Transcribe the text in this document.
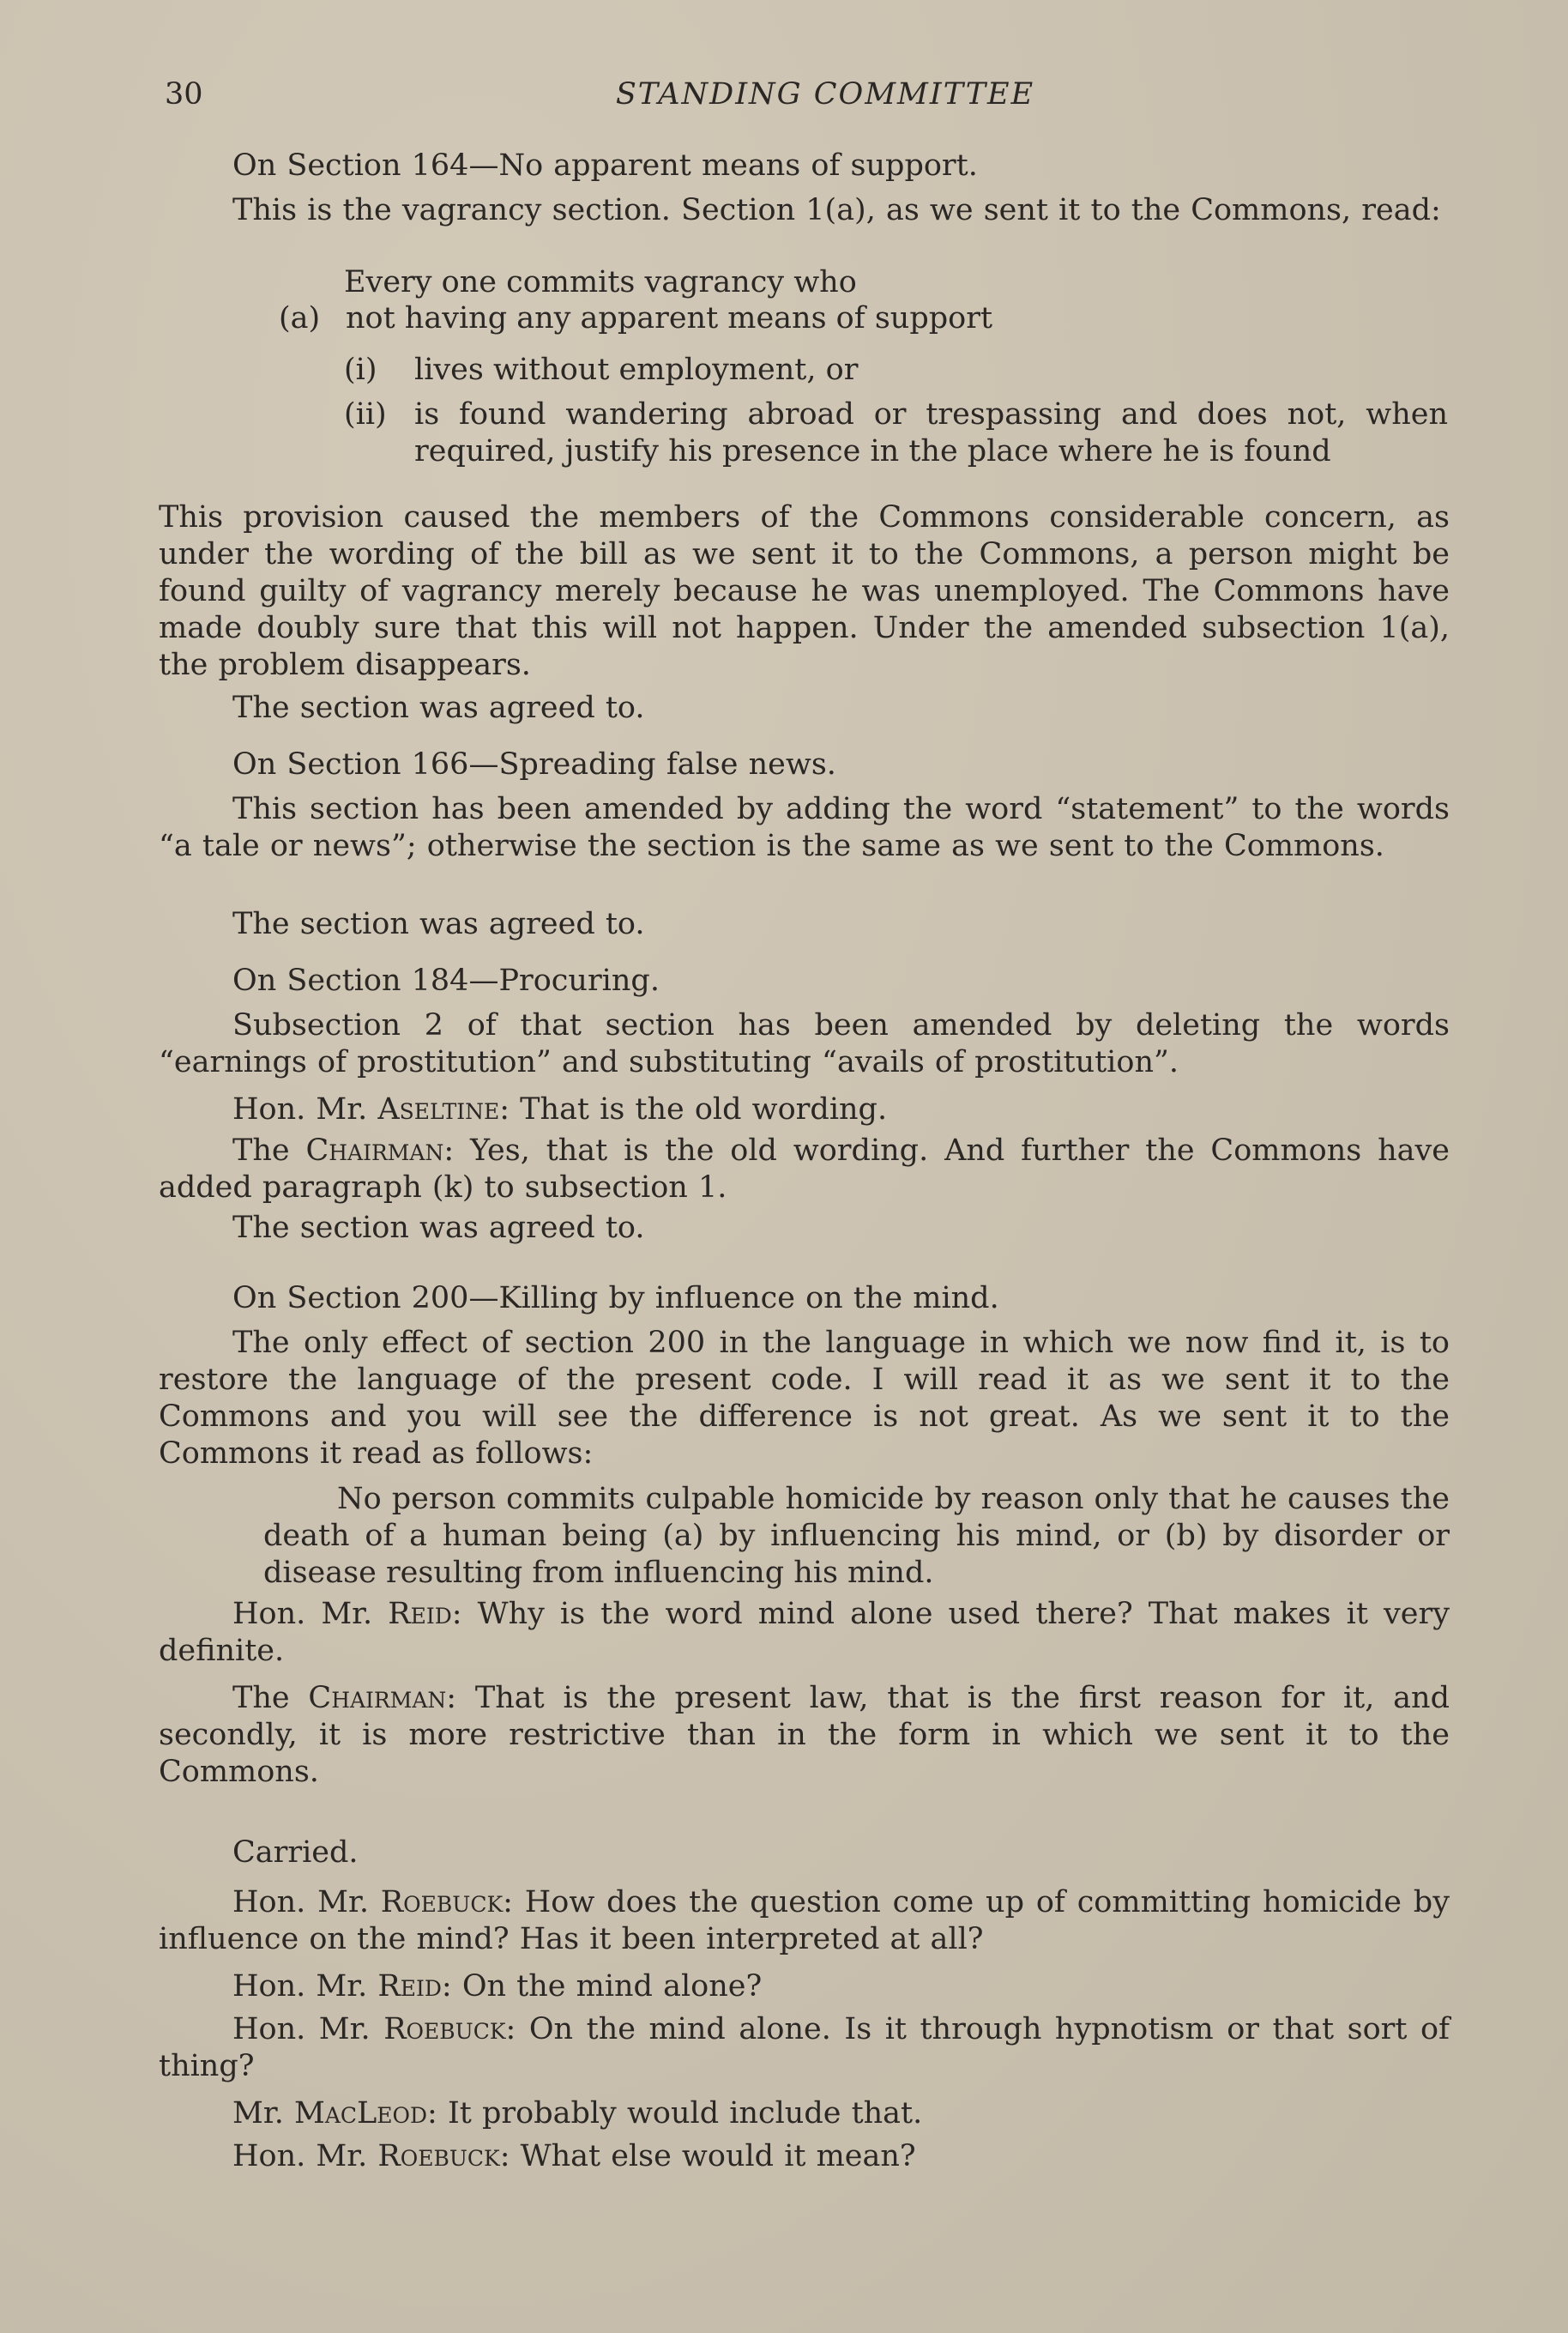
30	STANDING COMMITTEE
On Section 164—No apparent means of support.
This is the vagrancy section. Section 1(a), as we sent it to the Commons, read:
Every one commits vagrancy who
(a) not having any apparent means of support
(i) lives without employment, or
(ii) is found wandering abroad or trespassing and does not, when required, justify his presence in the place where he is found
This provision caused the members of the Commons considerable concern, as under the wording of the bill as we sent it to the Commons, a person might be found guilty of vagrancy merely because he was unemployed. The Commons have made doubly sure that this will not happen. Under the amended subsection 1(a), the problem disappears.
The section was agreed to.
On Section 166—Spreading false news.
This section has been amended by adding the word “statement” to the words “a tale or news”; otherwise the section is the same as we sent to the Commons.
The section was agreed to.
On Section 184—Procuring.
Subsection 2 of that section has been amended by deleting the words “earnings of prostitution” and substituting “avails of prostitution”.
Hon. Mr. Aseltine: That is the old wording.
The Chairman: Yes, that is the old wording. And further the Commons have added paragraph (k) to subsection 1.
The section was agreed to.
On Section 200—Killing by influence on the mind.
The only effect of section 200 in the language in which we now find it, is to restore the language of the present code. I will read it as we sent it to the Commons and you will see the difference is not great. As we sent it to the Commons it read as follows:
No person commits culpable homicide by reason only that he causes the death of a human being (a) by influencing his mind, or (b) by disorder or disease resulting from influencing his mind.
Hon. Mr. Reid: Why is the word mind alone used there? That makes it very definite.
The Chairman: That is the present law, that is the first reason for it, and secondly, it is more restrictive than in the form in which we sent it to the Commons.
Carried.
Hon. Mr. Roebuck: How does the question come up of committing homicide by influence on the mind? Has it been interpreted at all?
Hon. Mr. Reid: On the mind alone?
Hon. Mr. Roebuck: On the mind alone. Is it through hypnotism or that sort of thing?
Mr. MacLeod: It probably would include that.
Hon. Mr. Roebuck: What else would it mean?
